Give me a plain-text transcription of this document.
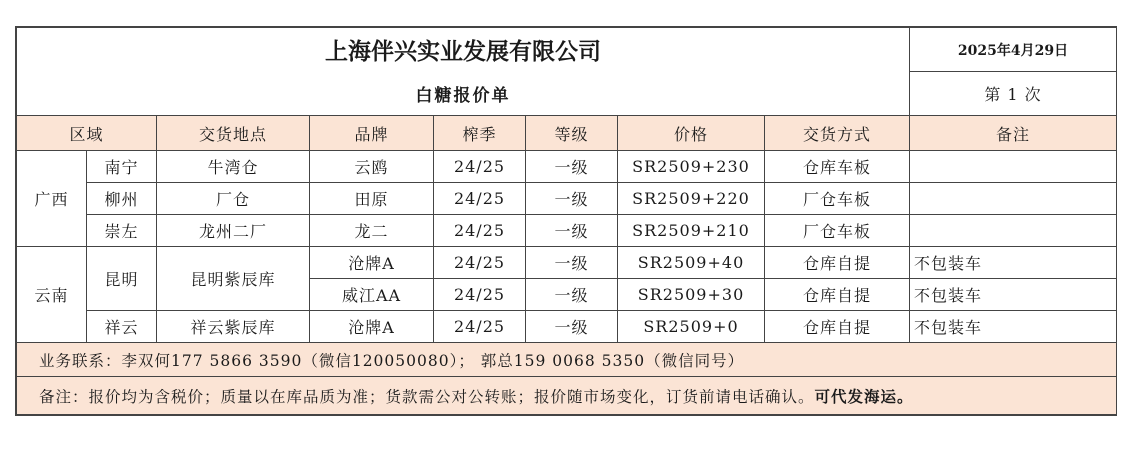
上海伴兴实业发展有限公司								2025年4月29日
白糖报价单								第 1 次
区域		交货地点	品牌	榨季	等级	价格	交货方式	备注
广西	南宁	牛湾仓	云鸥	24/25	一级	SR2509+230	仓库车板	
	柳州	厂仓	田原	24/25	一级	SR2509+220	厂仓车板	
	崇左	龙州二厂	龙二	24/25	一级	SR2509+210	厂仓车板	
云南	昆明	昆明紫辰库	沧牌A	24/25	一级	SR2509+40	仓库自提	不包装车
			威江AA	24/25	一级	SR2509+30	仓库自提	不包装车
	祥云	祥云紫辰库	沧牌A	24/25	一级	SR2509+0	仓库自提	不包装车
业务联系：李双何177 5866 3590（微信120050080）； 郭总159 0068 5350（微信同号）								
备注：报价均为含税价；质量以在库品质为准；货款需公对公转账；报价随市场变化，订货前请电话确认。可代发海运。								
